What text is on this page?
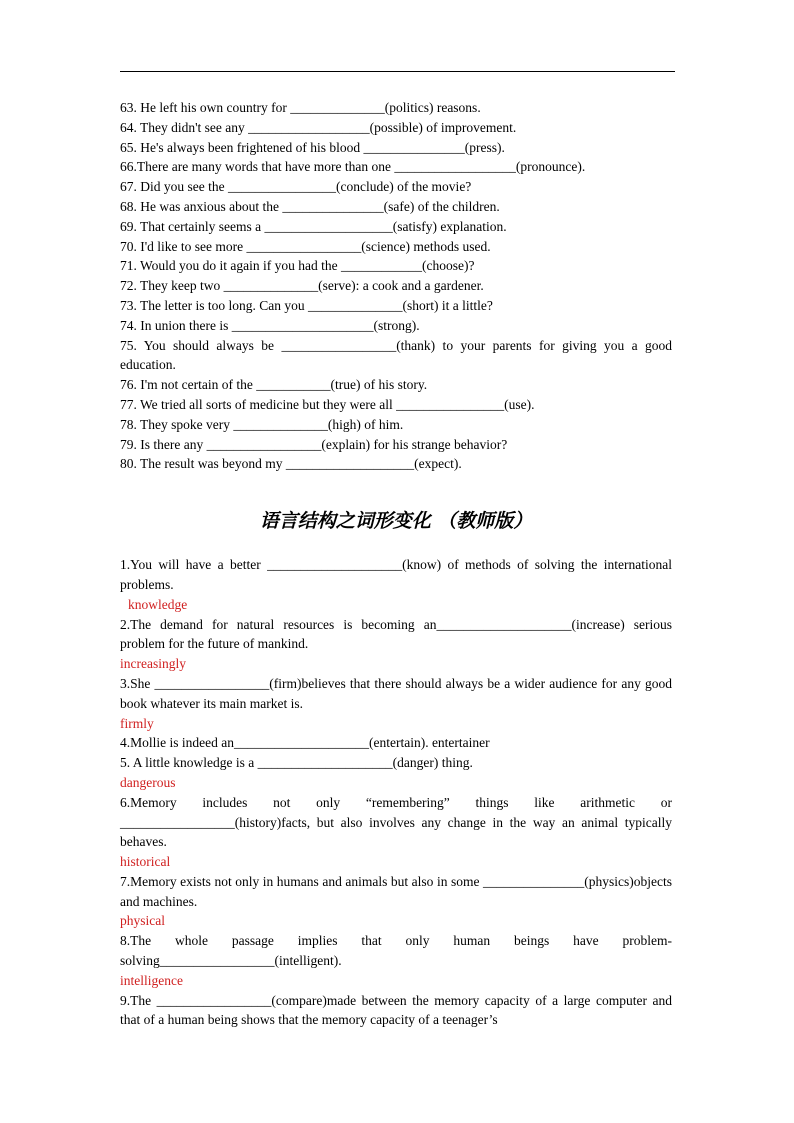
63. He left his own country for ______________(politics) reasons.
64. They didn't see any __________________(possible) of improvement.
65. He's always been frightened of his blood _______________(press).
66.There are many words that have more than one __________________(pronounce).
67. Did you see the ________________(conclude) of the movie?
68. He was anxious about the _______________(safe) of the children.
69. That certainly seems a ___________________(satisfy) explanation.
70. I'd like to see more _________________(science) methods used.
71. Would you do it again if you had the ____________(choose)?
72. They keep two ______________(serve): a cook and a gardener.
73. The letter is too long. Can you ______________(short) it a little?
74. In union there is _____________________(strong).
75. You should always be _________________(thank) to your parents for giving you a good education.
76. I'm not certain of the ___________(true) of his story.
77. We tried all sorts of medicine but they were all ________________(use).
78. They spoke very ______________(high) of him.
79. Is there any _________________(explain) for his strange behavior?
80. The result was beyond my ___________________(expect).
语言结构之词形变化 （教师版）
1.You will have a better ____________________(know) of methods of solving the international problems.
knowledge
2.The demand for natural resources is becoming an____________________(increase) serious problem for the future of mankind.
increasingly
3.She _________________(firm)believes that there should always be a wider audience for any good book whatever its main market is.
firmly
4.Mollie is indeed an____________________(entertain). entertainer
5. A little knowledge is a ____________________(danger) thing.
dangerous
6.Memory includes not only “remembering” things like arithmetic or _________________(history)facts, but also involves any change in the way an animal typically behaves.
historical
7.Memory exists not only in humans and animals but also in some _______________(physics)objects and machines.
physical
8.The whole passage implies that only human beings have problem-solving_________________(intelligent).
intelligence
9.The _________________(compare)made between the memory capacity of a large computer and that of a human being shows that the memory capacity of a teenager’s
